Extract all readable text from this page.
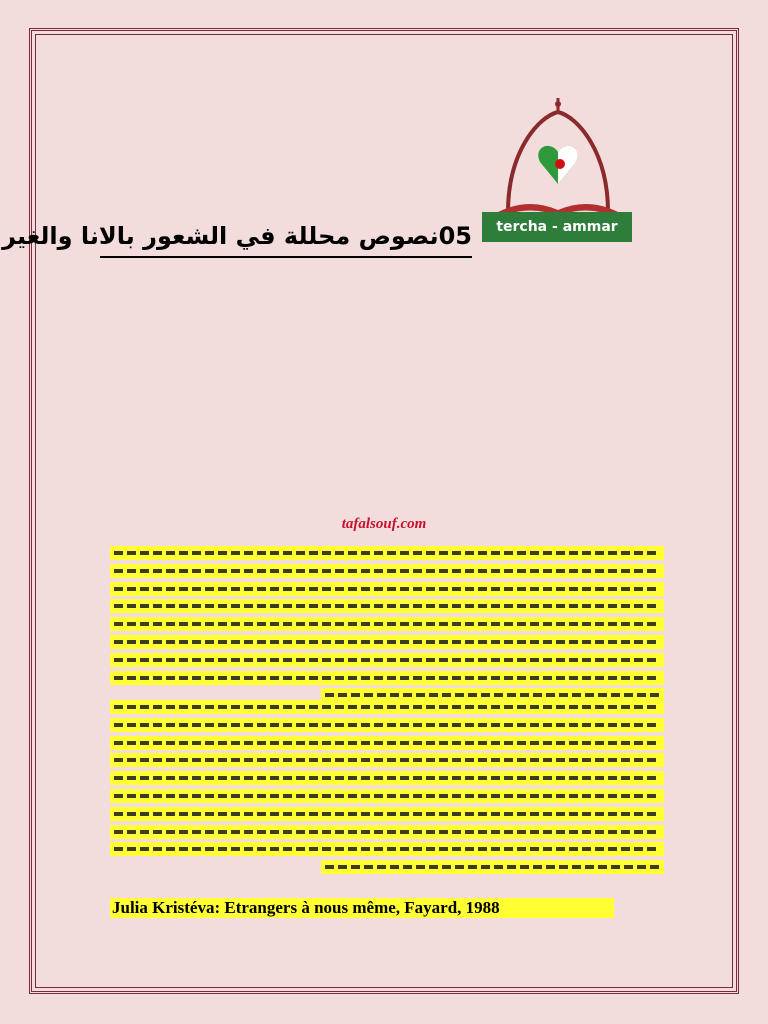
tercha - ammar
05نصوص محللة في الشعور بالانا والغير
tafalsouf.com
Julia Kristéva: Etrangers à nous même, Fayard, 1988
